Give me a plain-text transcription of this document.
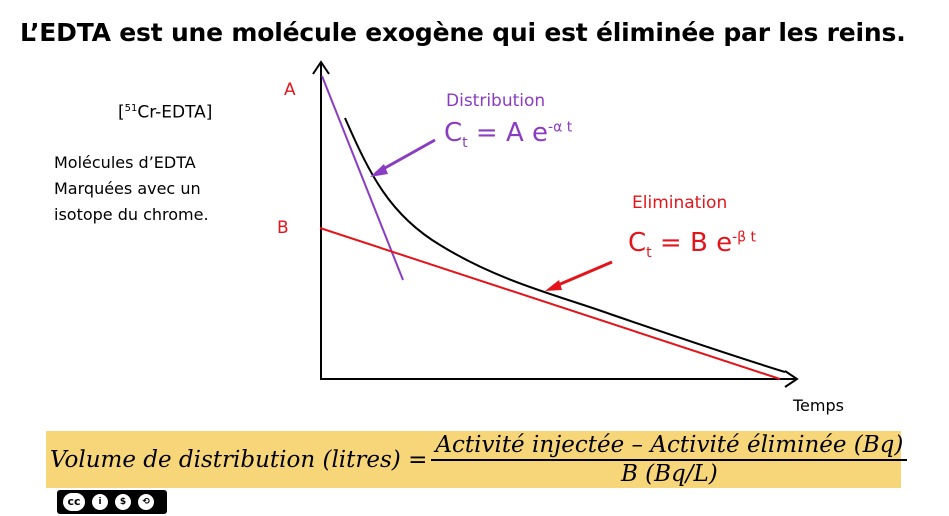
L’EDTA est une molécule exogène qui est éliminée par les reins.
[$^{51}$Cr-EDTA]
Molécules d’EDTA
Marquées avec un
isotope du chrome.
A
B
Distribution
$C_t = A$ $e^{-\alpha t}$
Elimination
$C_t = B$ $e^{-\beta t}$
Temps
Volume de distribution (litres) = $\frac{\text{Activité injectée – Activité éliminée (Bq)}}{B (Bq/L)}$
cc	i	$	⟲
